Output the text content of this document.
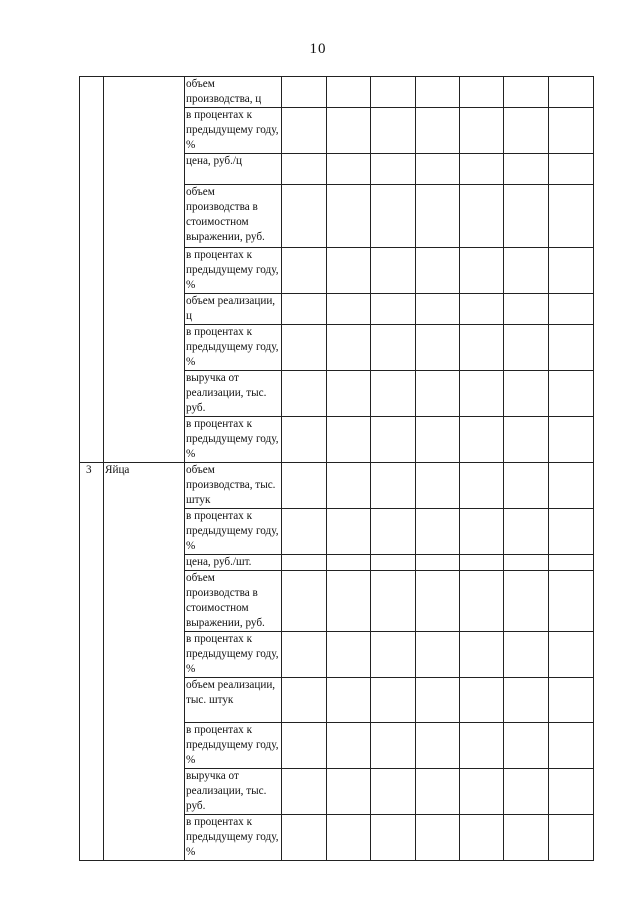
10
		объем производства, ц							
		в процентах к предыдущему году, %							
		цена, руб./ц							
		объем производства в стоимостном выражении, руб.							
		в процентах к предыдущему году, %							
		объем реализации, ц							
		в процентах к предыдущему году, %							
		выручка от реализации, тыс. руб.							
		в процентах к предыдущему году, %							
3	Яйца	объем производства, тыс. штук							
		в процентах к предыдущему году, %							
		цена, руб./шт.							
		объем производства в стоимостном выражении, руб.							
		в процентах к предыдущему году, %							
		объем реализации, тыс. штук							
		в процентах к предыдущему году, %							
		выручка от реализации, тыс. руб.							
		в процентах к предыдущему году, %							
